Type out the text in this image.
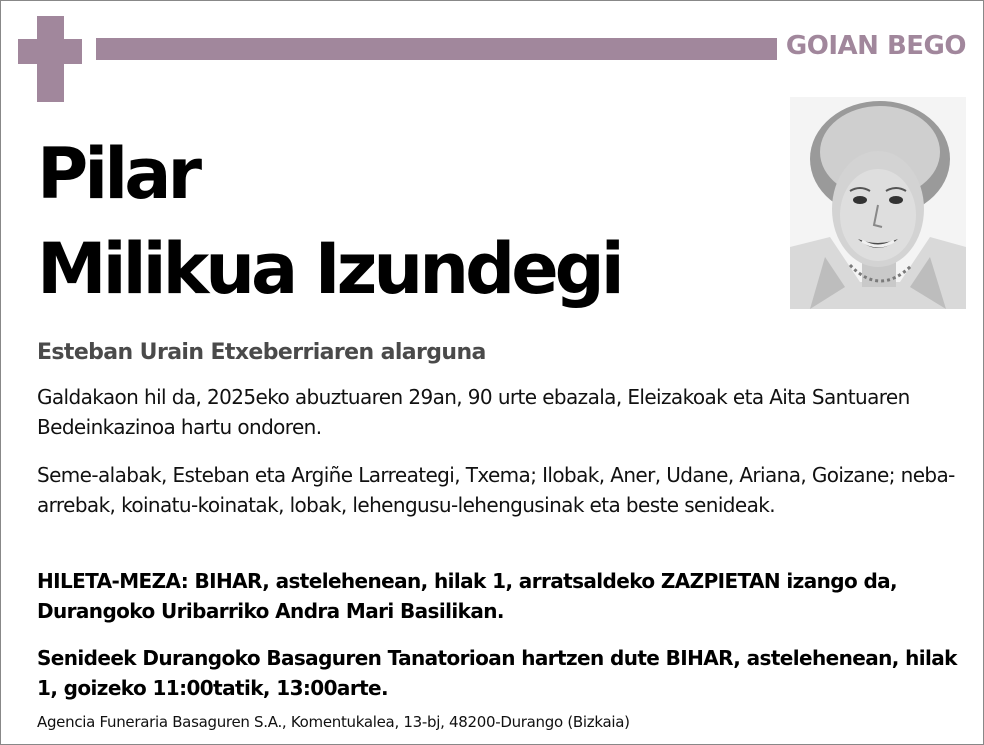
GOIAN BEGO
Pilar
Milikua Izundegi
Esteban Urain Etxeberriaren alarguna

Galdakaon hil da, 2025eko abuztuaren 29an, 90 urte ebazala, Eleizakoak eta Aita Santuaren Bedeinkazinoa hartu ondoren.

Seme-alabak, Esteban eta Argiñe Larreategi, Txema; Ilobak, Aner, Udane, Ariana, Goizane; neba-arrebak, koinatu-koinatak, lobak, lehengusu-lehengusinak eta beste senideak.

HILETA-MEZA: BIHAR, astelehenean, hilak 1, arratsaldeko ZAZPIETAN izango da, Durangoko Uribarriko Andra Mari Basilikan.

Senideek Durangoko Basaguren Tanatorioan hartzen dute BIHAR, astelehenean, hilak 1, goizeko 11:00tatik, 13:00arte.

Agencia Funeraria Basaguren S.A., Komentukalea, 13-bj, 48200-Durango (Bizkaia)
